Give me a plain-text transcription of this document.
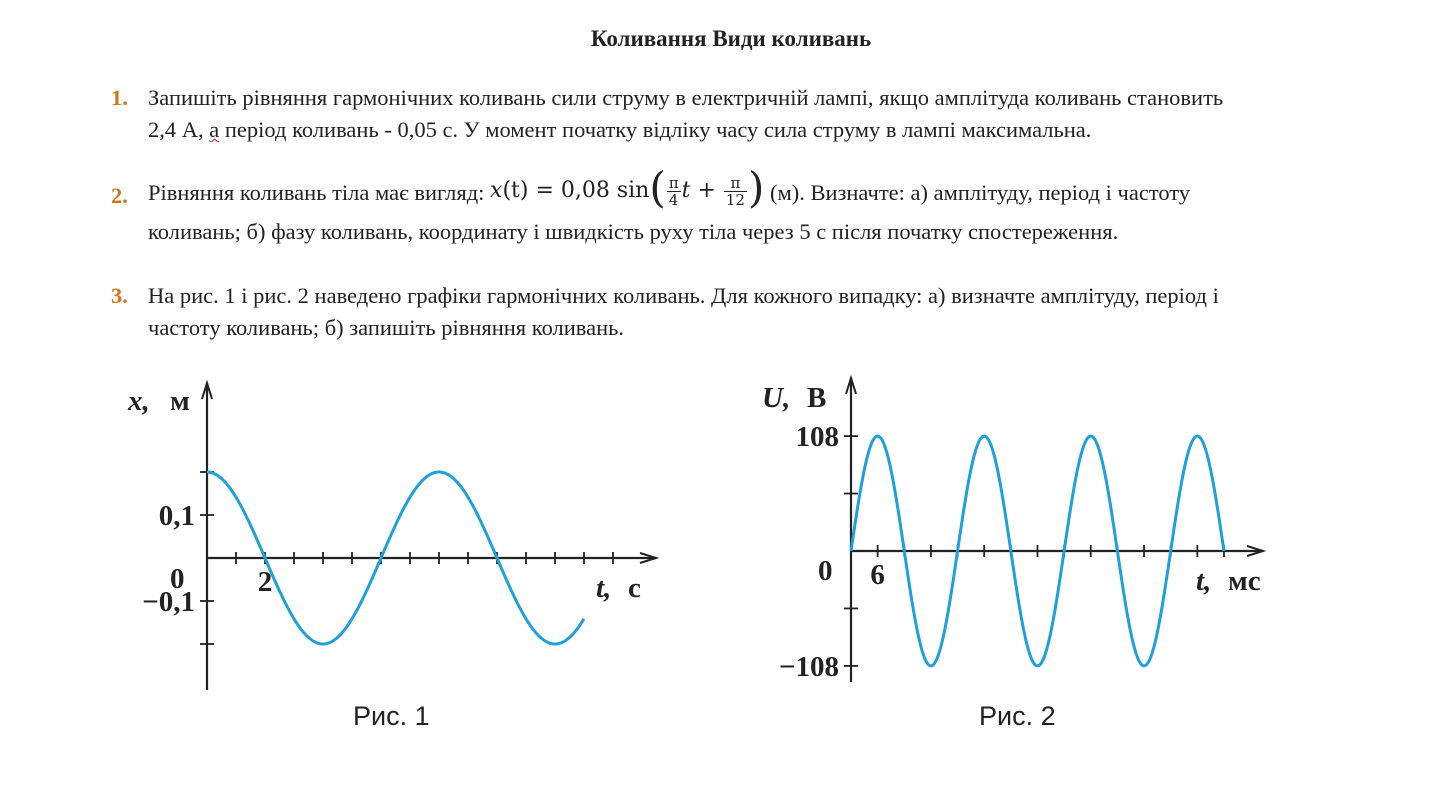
Коливання Види коливань
1. Запишіть рівняння гармонічних коливань сили струму в електричній лампі, якщо амплітуда коливань становить
2,4 А, а період коливань - 0,05 с. У момент початку відліку часу сила струму в лампі максимальна.
2. Рівняння коливань тіла має вигляд: x(t) = 0,08 $\sin( \frac{\pi}{4}$ $t + \frac{\pi}{12}$ ) (м). Визначте: а) амплітуду, період і частоту
коливань; б) фазу коливань, координату і швидкість руху тіла через 5 с після початку спостереження.
3. На рис. 1 і рис. 2 наведено графіки гармонічних коливань. Для кожного випадку: а) визначте амплітуду, період і
частоту коливань; б) запишіть рівняння коливань.
x, м
t, с
0	2
0,1
−0,1
Рис. 1
U, В
t, мс
0 6
108
−108
Рис. 2
